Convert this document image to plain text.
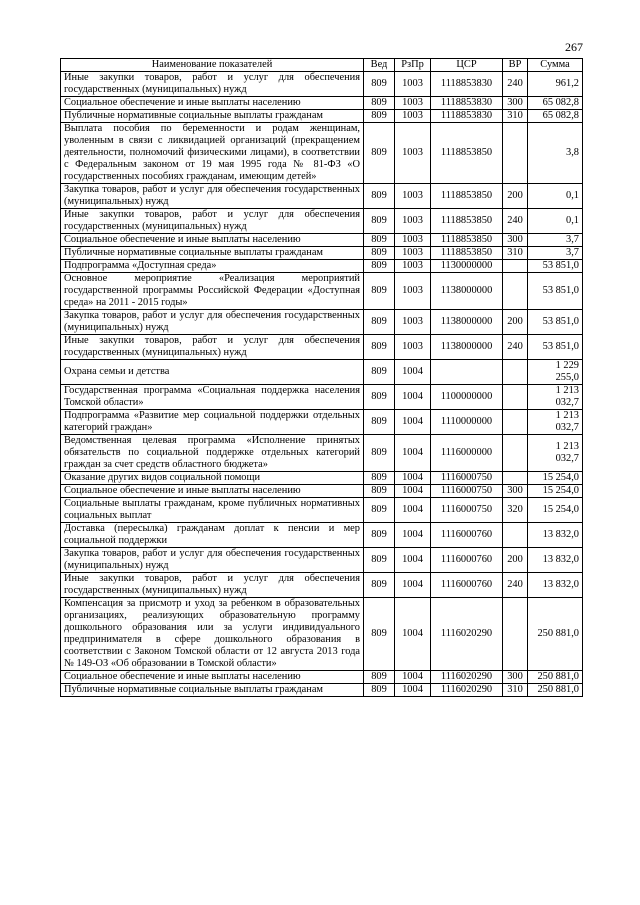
267
Наименование показателей	Вед	РзПр	ЦСР	ВР	Сумма
Иные закупки товаров, работ и услуг для обеспечения государственных (муниципальных) нужд	809	1003	1118853830	240	961,2
Социальное обеспечение и иные выплаты населению	809	1003	1118853830	300	65 082,8
Публичные нормативные социальные выплаты гражданам	809	1003	1118853830	310	65 082,8
Выплата пособия по беременности и родам женщинам, уволенным в связи с ликвидацией организаций (прекращением деятельности, полномочий физическими лицами), в соответствии с Федеральным законом от 19 мая 1995 года № 81-ФЗ «О государственных пособиях гражданам, имеющим детей»	809	1003	1118853850		3,8
Закупка товаров, работ и услуг для обеспечения государственных (муниципальных) нужд	809	1003	1118853850	200	0,1
Иные закупки товаров, работ и услуг для обеспечения государственных (муниципальных) нужд	809	1003	1118853850	240	0,1
Социальное обеспечение и иные выплаты населению	809	1003	1118853850	300	3,7
Публичные нормативные социальные выплаты гражданам	809	1003	1118853850	310	3,7
Подпрограмма «Доступная среда»	809	1003	1130000000		53 851,0
Основное мероприятие «Реализация мероприятий государственной программы Российской Федерации «Доступная среда» на 2011 - 2015 годы»	809	1003	1138000000		53 851,0
Закупка товаров, работ и услуг для обеспечения государственных (муниципальных) нужд	809	1003	1138000000	200	53 851,0
Иные закупки товаров, работ и услуг для обеспечения государственных (муниципальных) нужд	809	1003	1138000000	240	53 851,0
Охрана семьи и детства	809	1004			1 229 255,0
Государственная программа «Социальная поддержка населения Томской области»	809	1004	1100000000		1 213 032,7
Подпрограмма «Развитие мер социальной поддержки отдельных категорий граждан»	809	1004	1110000000		1 213 032,7
Ведомственная целевая программа «Исполнение принятых обязательств по социальной поддержке отдельных категорий граждан за счет средств областного бюджета»	809	1004	1116000000		1 213 032,7
Оказание других видов социальной помощи	809	1004	1116000750		15 254,0
Социальное обеспечение и иные выплаты населению	809	1004	1116000750	300	15 254,0
Социальные выплаты гражданам, кроме публичных нормативных социальных выплат	809	1004	1116000750	320	15 254,0
Доставка (пересылка) гражданам доплат к пенсии и мер социальной поддержки	809	1004	1116000760		13 832,0
Закупка товаров, работ и услуг для обеспечения государственных (муниципальных) нужд	809	1004	1116000760	200	13 832,0
Иные закупки товаров, работ и услуг для обеспечения государственных (муниципальных) нужд	809	1004	1116000760	240	13 832,0
Компенсация за присмотр и уход за ребенком в образовательных организациях, реализующих образовательную программу дошкольного образования или за услуги индивидуального предпринимателя в сфере дошкольного образования в соответствии с Законом Томской области от 12 августа 2013 года № 149-ОЗ «Об образовании в Томской области»	809	1004	1116020290		250 881,0
Социальное обеспечение и иные выплаты населению	809	1004	1116020290	300	250 881,0
Публичные нормативные социальные выплаты гражданам	809	1004	1116020290	310	250 881,0
